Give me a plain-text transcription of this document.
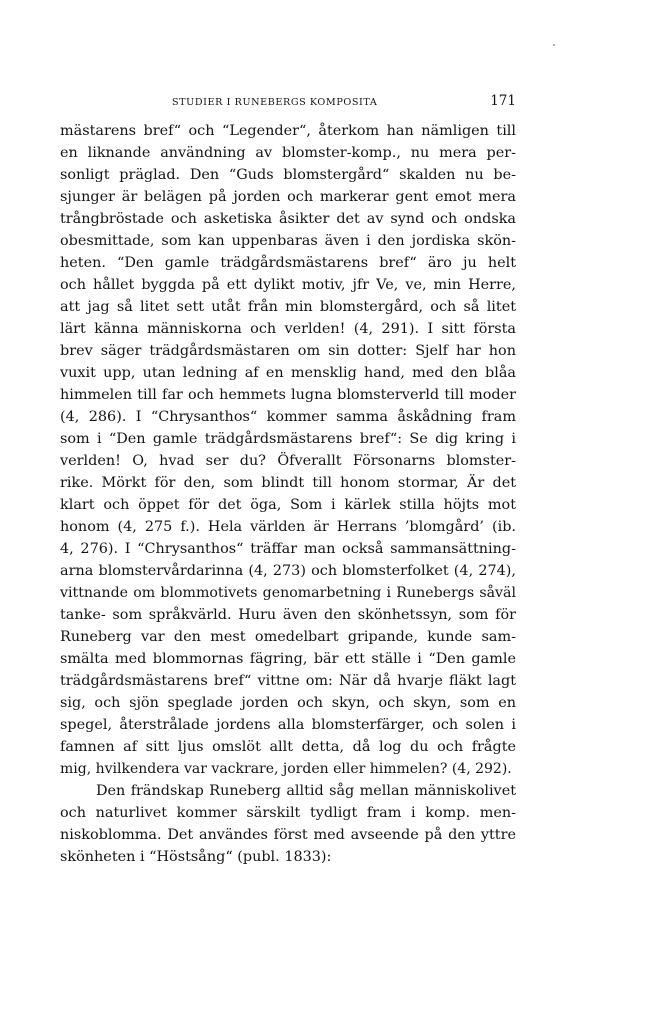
STUDIER I RUNEBERGS KOMPOSITA	171
mästarens bref“ och “Legender“, återkom han nämligen till
en liknande användning av blomster-komp., nu mera per-
sonligt präglad. Den “Guds blomstergård“ skalden nu be-
sjunger är belägen på jorden och markerar gent emot mera
trångbröstade och asketiska åsikter det av synd och ondska
obesmittade, som kan uppenbaras även i den jordiska skön-
heten. “Den gamle trädgårdsmästarens bref“ äro ju helt
och hållet byggda på ett dylikt motiv, jfr Ve, ve, min Herre,
att jag så litet sett utåt från min blomstergård, och så litet
lärt känna människorna och verlden! (4, 291). I sitt första
brev säger trädgårdsmästaren om sin dotter: Sjelf har hon
vuxit upp, utan ledning af en mensklig hand, med den blåa
himmelen till far och hemmets lugna blomsterverld till moder
(4, 286). I “Chrysanthos“ kommer samma åskådning fram
som i “Den gamle trädgårdsmästarens bref“: Se dig kring i
verlden! O, hvad ser du? Öfverallt Försonarns blomster-
rike. Mörkt för den, som blindt till honom stormar, Är det
klart och öppet för det öga, Som i kärlek stilla höjts mot
honom (4, 275 f.). Hela världen är Herrans ’blomgård’ (ib.
4, 276). I “Chrysanthos“ träffar man också sammansättning-
arna blomstervårdarinna (4, 273) och blomsterfolket (4, 274),
vittnande om blommotivets genomarbetning i Runebergs såväl
tanke- som språkvärld. Huru även den skönhetssyn, som för
Runeberg var den mest omedelbart gripande, kunde sam-
smälta med blommornas fägring, bär ett ställe i “Den gamle
trädgårdsmästarens bref“ vittne om: När då hvarje fläkt lagt
sig, och sjön speglade jorden och skyn, och skyn, som en
spegel, återstrålade jordens alla blomsterfärger, och solen i
famnen af sitt ljus omslöt allt detta, då log du och frågte
mig, hvilkendera var vackrare, jorden eller himmelen? (4, 292).
Den frändskap Runeberg alltid såg mellan människolivet
och naturlivet kommer särskilt tydligt fram i komp. men-
niskoblomma. Det användes först med avseende på den yttre
skönheten i “Höstsång“ (publ. 1833):
